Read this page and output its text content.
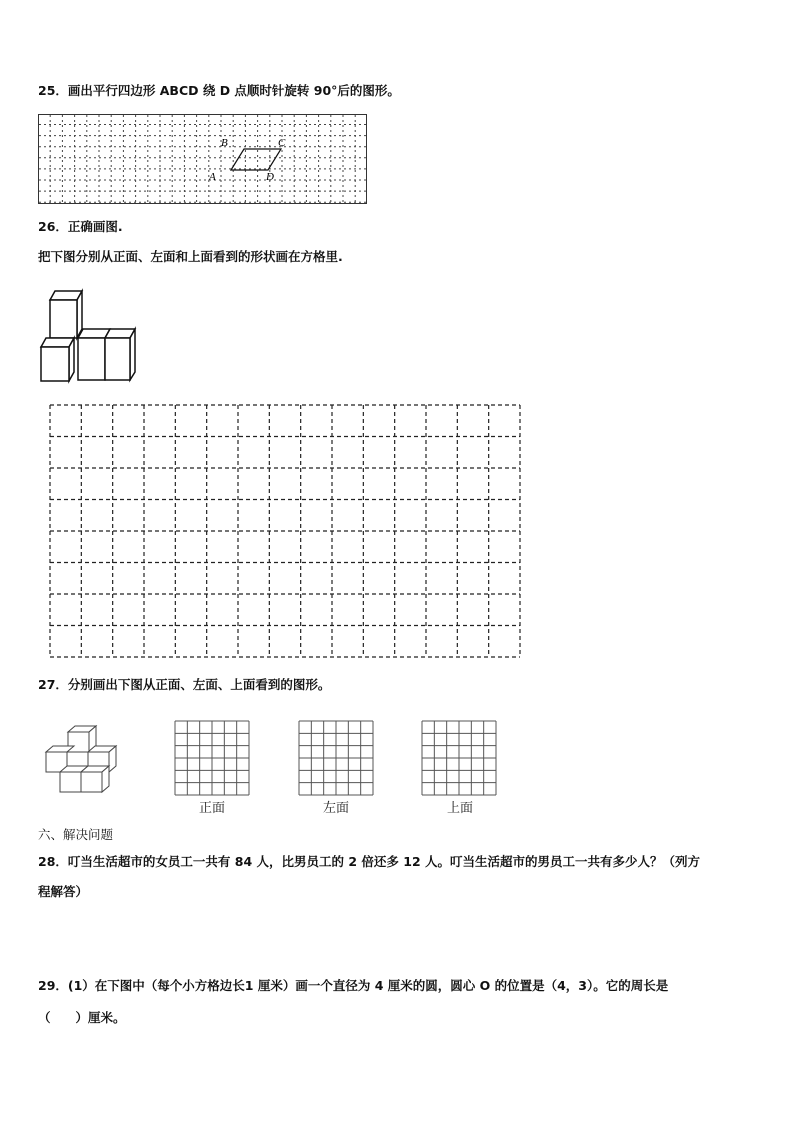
25．画出平行四边形 ABCD 绕 D 点顺时针旋转 90°后的图形。
A
B	C
D
26．正确画图.
把下图分别从正面、左面和上面看到的形状画在方格里.
27．分别画出下图从正面、左面、上面看到的图形。
正面	左面	上面
六、解决问题
28．叮当生活超市的女员工一共有 84 人，比男员工的 2 倍还多 12 人。叮当生活超市的男员工一共有多少人？（列方
程解答）
29．(1）在下图中（每个小方格边长1 厘米）画一个直径为 4 厘米的圆，圆心 O 的位置是（4，3）。它的周长是
（　　）厘米。
